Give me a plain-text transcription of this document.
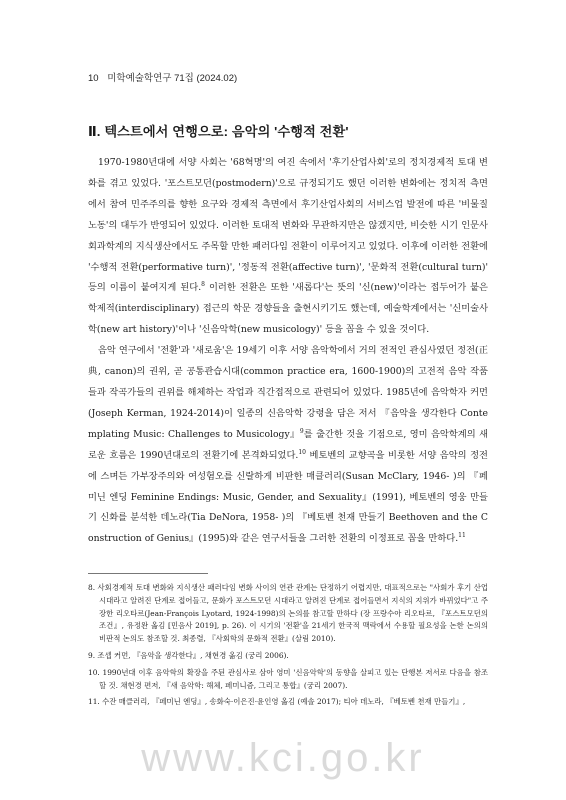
10 미학예술학연구 71집 (2024.02)
Ⅱ. 텍스트에서 연행으로: 음악의 '수행적 전환'

1970-1980년대에 서양 사회는 '68혁명'의 여진 속에서 '후기산업사회'로의 정치경제적 토대 변화를 겪고 있었다. '포스트모던(postmodern)'으로 규정되기도 했던 이러한 변화에는 정치적 측면에서 참여 민주주의를 향한 요구와 경제적 측면에서 후기산업사회의 서비스업 발전에 따른 '비물질 노동'의 대두가 반영되어 있었다. 이러한 토대적 변화와 무관하지만은 않겠지만, 비슷한 시기 인문사회과학계의 지식생산에서도 주목할 만한 패러다임 전환이 이루어지고 있었다. 이후에 이러한 전환에 '수행적 전환(performative turn)', '정동적 전환(affective turn)', '문화적 전환(cultural turn)' 등의 이름이 붙여지게 된다.$^8$ 이러한 전환은 또한 '새롭다'는 뜻의 '신(new)'이라는 접두어가 붙은 학제적(interdisciplinary) 접근의 학문 경향들을 출현시키기도 했는데, 예술학계에서는 '신미술사학(new art history)'이나 '신음악학(new musicology)' 등을 꼽을 수 있을 것이다.

음악 연구에서 '전환'과 '새로움'은 19세기 이후 서양 음악학에서 거의 전적인 관심사였던 정전(正典, canon)의 권위, 곧 공통관습시대(common practice era, 1600-1900)의 고전적 음악 작품들과 작곡가들의 권위를 해체하는 작업과 직간접적으로 관련되어 있었다. 1985년에 음악학자 커먼(Joseph Kerman, 1924-2014)이 일종의 신음악학 강령을 담은 저서 『음악을 생각한다 Contemplating Music: Challenges to Musicology』$^9$를 출간한 것을 기점으로, 영미 음악학계의 새로운 흐름은 1990년대로의 전환기에 본격화되었다.$^{10}$ 베토벤의 교향곡을 비롯한 서양 음악의 정전에 스며든 가부장주의와 여성혐오를 신랄하게 비판한 매클러리(Susan McClary, 1946- )의 『페미닌 엔딩 Feminine Endings: Music, Gender, and Sexuality』(1991), 베토벤의 영웅 만들기 신화를 분석한 데노라(Tia DeNora, 1958- )의 『베토벤 천재 만들기 Beethoven and the Construction of Genius』(1995)와 같은 연구서들을 그러한 전환의 이정표로 꼽을 만하다.$^{11}$

8. 사회경제적 토대 변화와 지식생산 패러다임 변화 사이의 연관 관계는 단정하기 어렵지만, 대표적으로는 "사회가 후기 산업 시대라고 알려진 단계로 접어들고, 문화가 포스트모던 시대라고 알려진 단계로 접어들면서 지식의 지위가 바뀌었다"고 주장한 리오타르(Jean-François Lyotard, 1924-1998)의 논의를 참고할 만하다 (장 프랑수아 리오타르, 『포스트모던의 조건』, 유정완 옮김 [민음사 2019], p. 26). 이 시기의 '전환'을 21세기 한국적 맥락에서 수용할 필요성을 논한 논의의 비판적 논의도 참조할 것. 최종렬, 『사회학의 문화적 전환』(살림 2010).

9. 조셉 커먼, 『음악을 생각한다』, 채현경 옮김 (궁리 2006).

10. 1990년대 이후 음악학의 확장을 주된 관심사로 삼아 영미 '신음악학'의 동향을 살피고 있는 단행본 저서로 다음을 참조할 것. 채현경 편저, 『새 음악학: 해체, 페미니즘, 그리고 통합』(궁리 2007).

11. 수잔 매클러리, 『페미닌 엔딩』, 송화숙·이은진·윤인영 옮김 (예솔 2017); 티아 데노라, 『베토벤 천재 만들기』,

www.kci.go.kr
